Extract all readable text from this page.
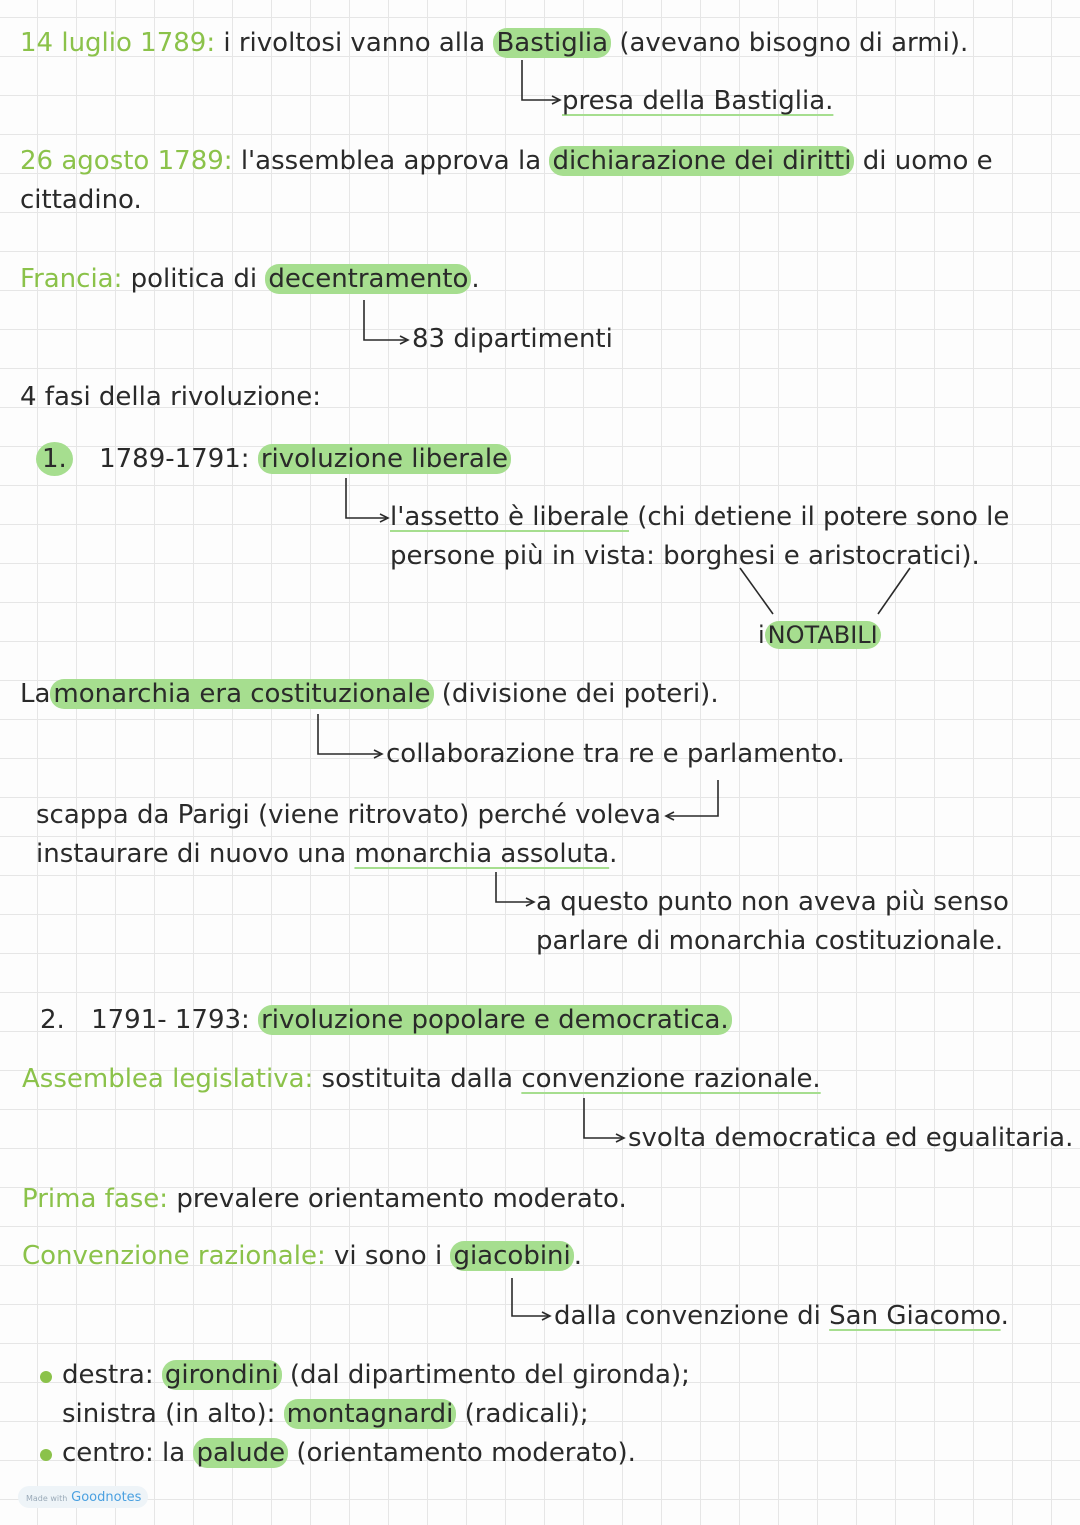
14 luglio 1789: i rivoltosi vanno alla Bastiglia (avevano bisogno di armi).
presa della Bastiglia.
26 agosto 1789: l'assemblea approva la dichiarazione dei diritti di uomo e
cittadino.
Francia: politica di decentramento .
83 dipartimenti
4 fasi della rivoluzione:
1. 1789-1791: rivoluzione liberale
l'assetto è liberale (chi detiene il potere sono le
persone più in vista: borghesi e aristocratici).
i NOTABILI
La monarchia era costituzionale (divisione dei poteri).
collaborazione tra re e parlamento.
scappa da Parigi (viene ritrovato) perché voleva
instaurare di nuovo una monarchia assoluta.
a questo punto non aveva più senso
parlare di monarchia costituzionale.
2. 1791- 1793: rivoluzione popolare e democratica.
Assemblea legislativa: sostituita dalla convenzione razionale.
svolta democratica ed egualitaria.
Prima fase: prevalere orientamento moderato.
Convenzione razionale: vi sono i giacobini .
dalla convenzione di San Giacomo.
destra: girondini (dal dipartimento del gironda);
sinistra (in alto): montagnardi (radicali);
centro: la palude (orientamento moderato).
Made with Goodnotes
